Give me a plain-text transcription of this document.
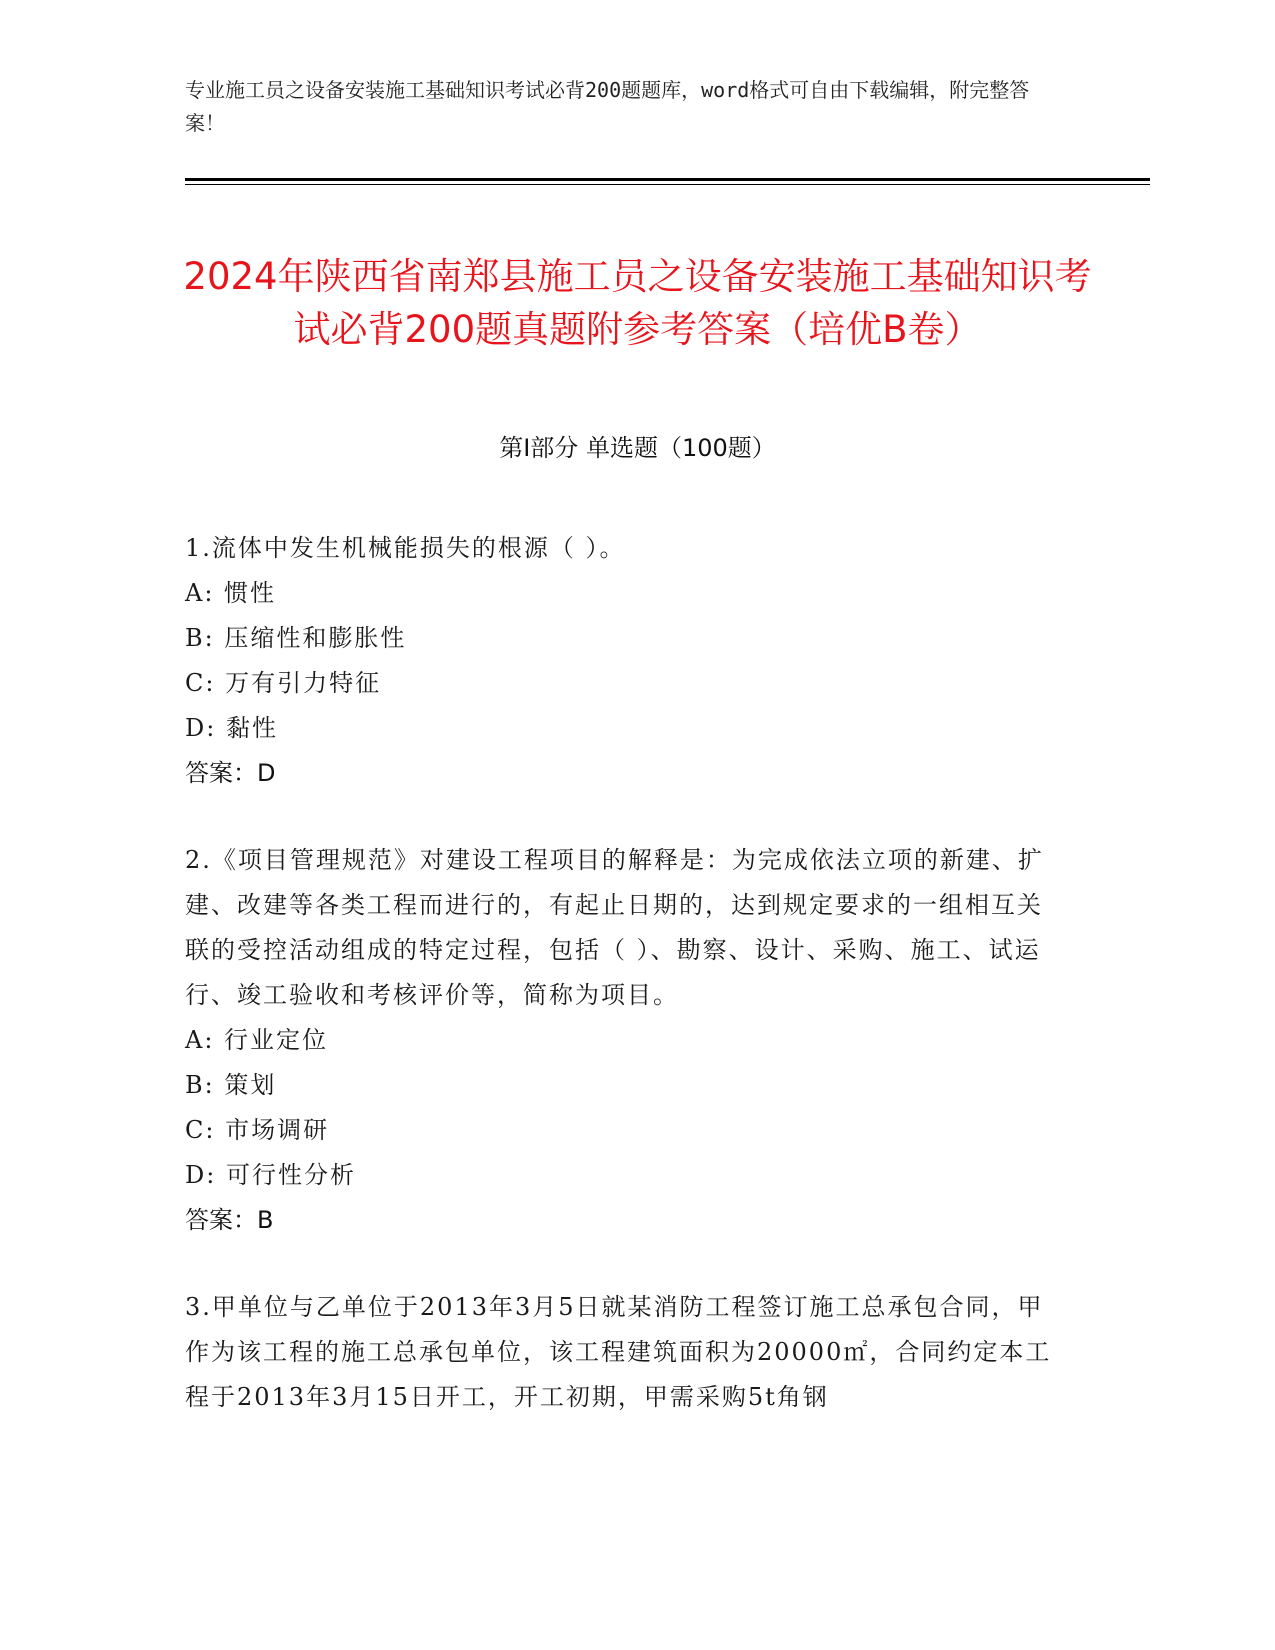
专业施工员之设备安装施工基础知识考试必背200题题库，word格式可自由下载编辑，附完整答案！
2024年陕西省南郑县施工员之设备安装施工基础知识考试必背200题真题附参考答案（培优B卷）
第Ⅰ部分 单选题（100题）

1.流体中发生机械能损失的根源（ ）。

A: 惯性

B: 压缩性和膨胀性

C: 万有引力特征

D: 黏性

答案：D

2.《项目管理规范》对建设工程项目的解释是：为完成依法立项的新建、扩建、改建等各类工程而进行的，有起止日期的，达到规定要求的一组相互关联的受控活动组成的特定过程，包括（ ）、勘察、设计、采购、施工、试运行、竣工验收和考核评价等，简称为项目。

A: 行业定位

B: 策划

C: 市场调研

D: 可行性分析

答案：B

3.甲单位与乙单位于2013年3月5日就某消防工程签订施工总承包合同，甲作为该工程的施工总承包单位，该工程建筑面积为20000㎡，合同约定本工程于2013年3月15日开工，开工初期，甲需采购5t角钢
